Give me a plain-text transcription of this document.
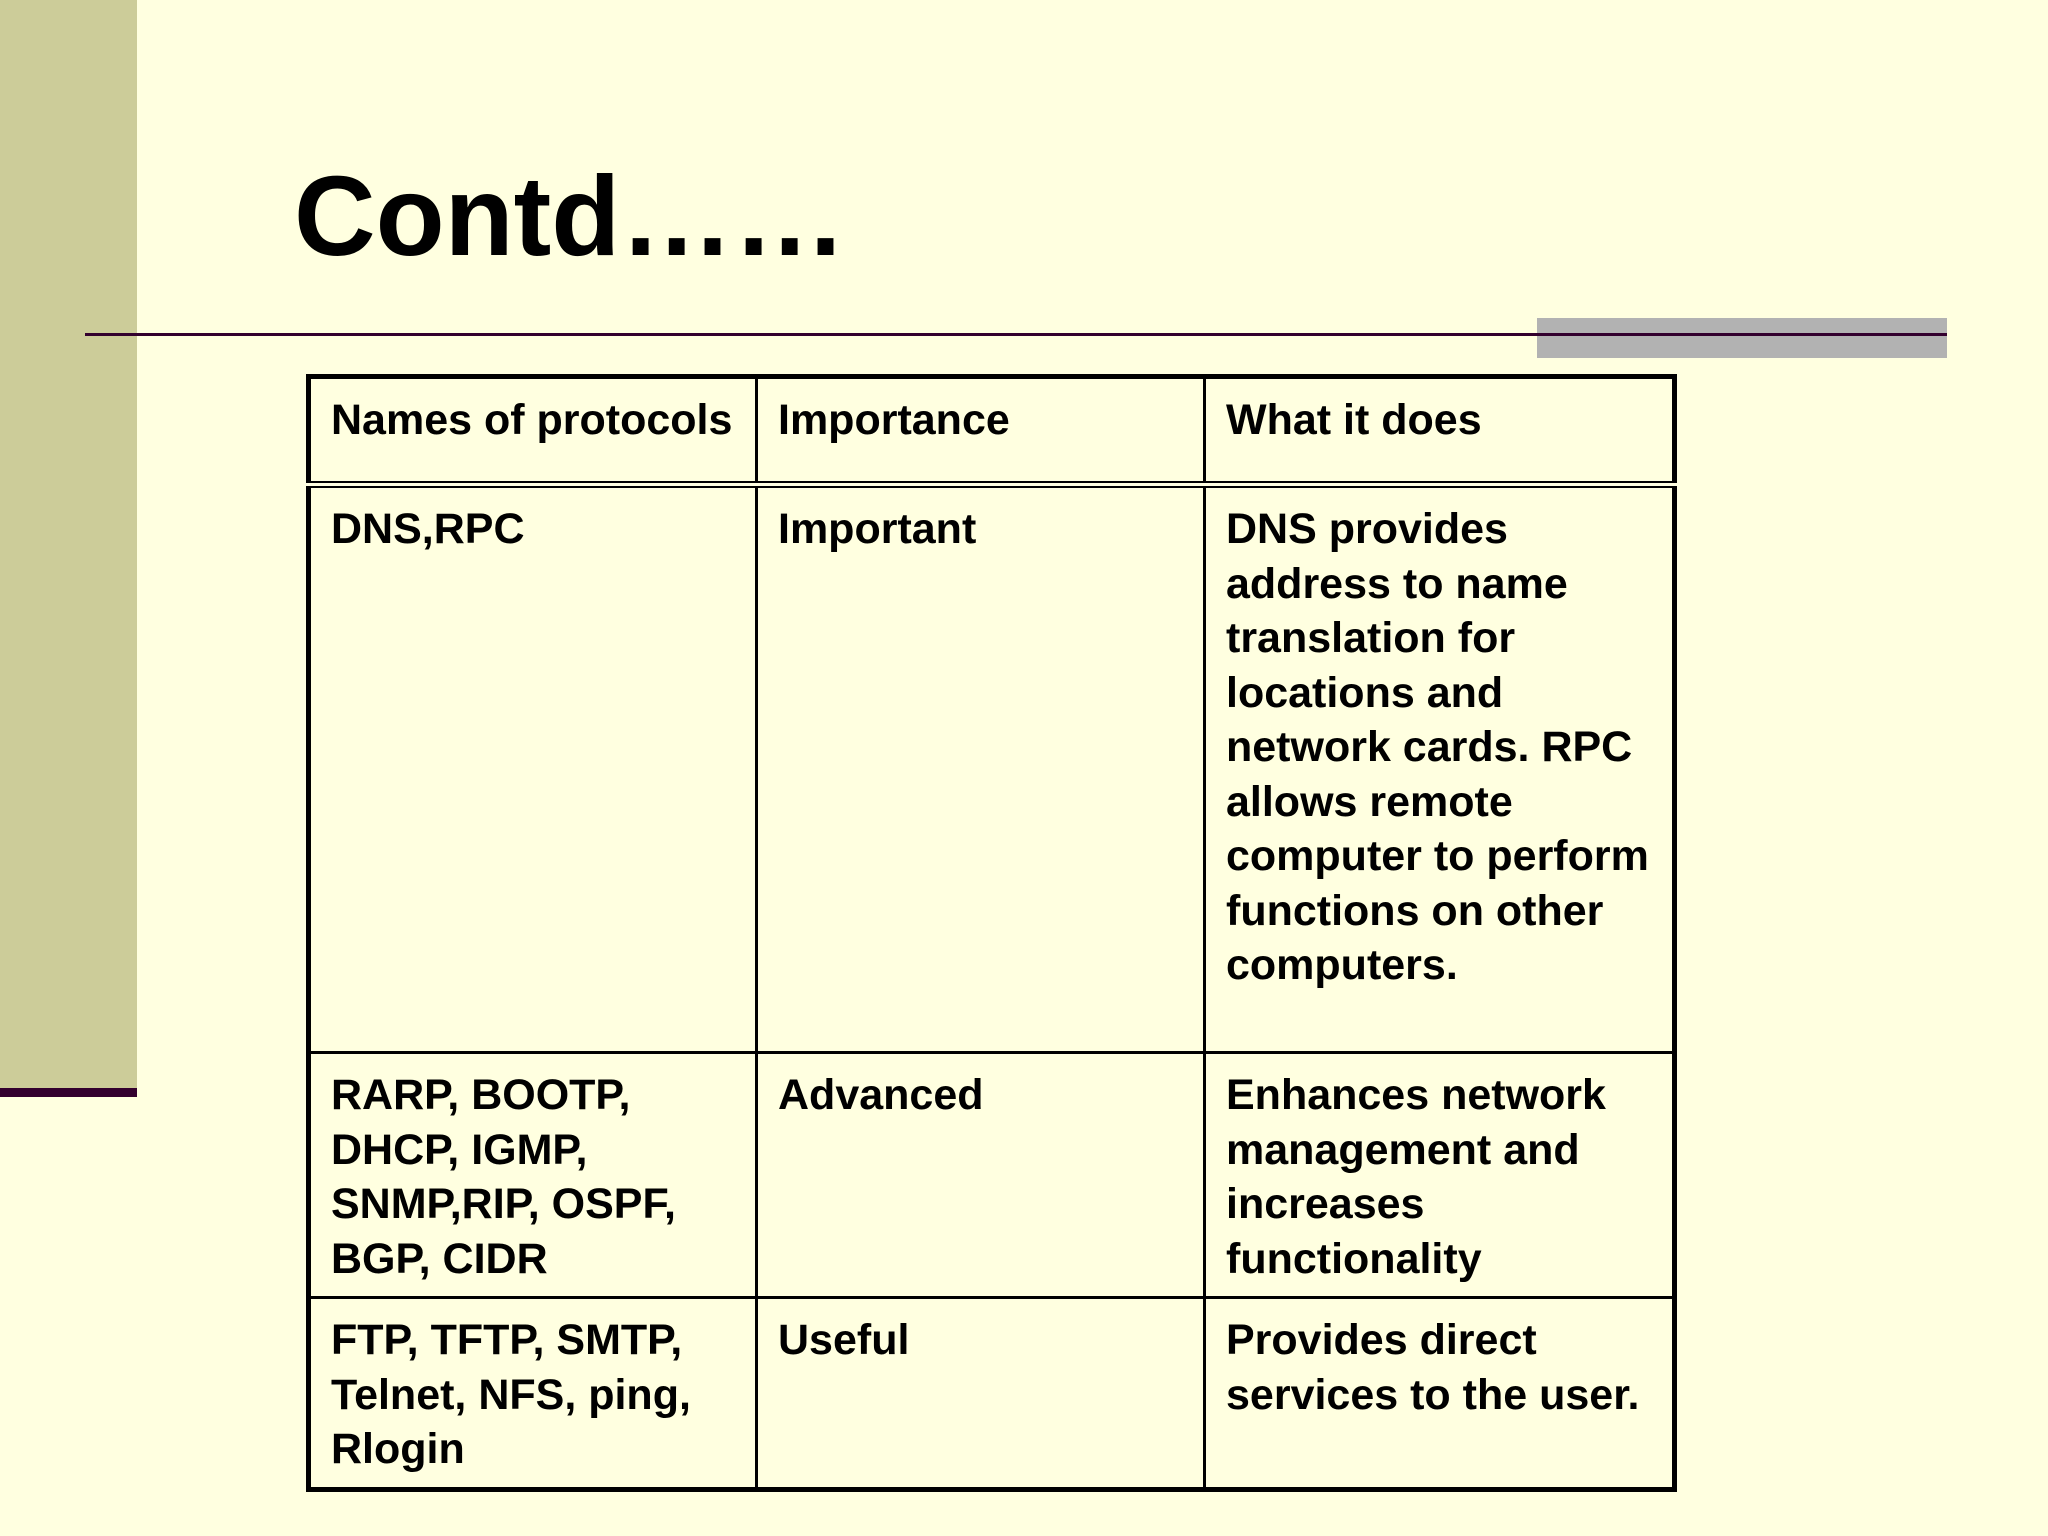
Contd……
Names of protocols	Importance	What it does
DNS,RPC	Important	DNS provides address to name translation for locations and network cards. RPC allows remote computer to perform functions on other computers.
RARP, BOOTP, DHCP, IGMP, SNMP,RIP, OSPF, BGP, CIDR	Advanced	Enhances network management and increases functionality
FTP, TFTP, SMTP, Telnet, NFS, ping, Rlogin	Useful	Provides direct services to the user.
